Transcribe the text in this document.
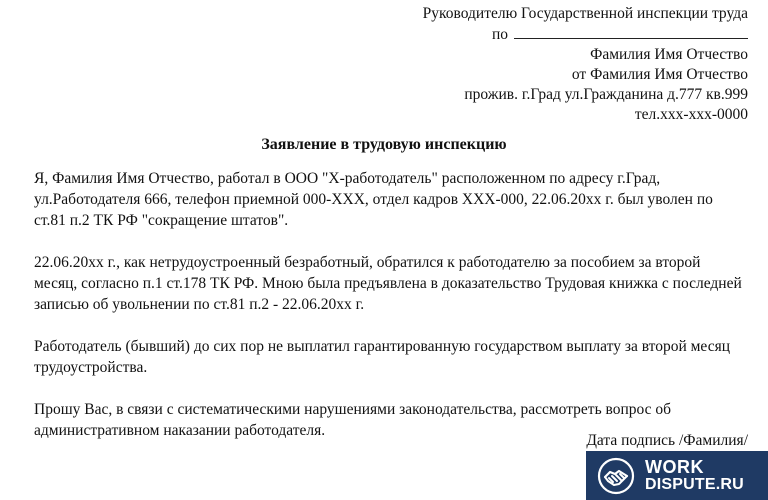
Руководителю Государственной инспекции труда
по
Фамилия Имя Отчество
от Фамилия Имя Отчество
прожив. г.Град ул.Гражданина д.777 кв.999
тел.ххх-ххх-0000
Заявление в трудовую инспекцию

Я, Фамилия Имя Отчество, работал в ООО "Х-работодатель" расположенном по адресу г.Град, ул.Работодателя 666, телефон приемной 000-ХХХ, отдел кадров ХХХ-000, 22.06.20хх г. был уволен по ст.81 п.2 ТК РФ "сокращение штатов".

22.06.20хх г., как нетрудоустроенный безработный, обратился к работодателю за пособием за второй месяц, согласно п.1 ст.178 ТК РФ. Мною была предъявлена в доказательство Трудовая книжка с последней записью об увольнении по ст.81 п.2 - 22.06.20хх г.

Работодатель (бывший) до сих пор не выплатил гарантированную государством выплату за второй месяц трудоустройства.

Прошу Вас, в связи с систематическими нарушениями законодательства, рассмотреть вопрос об административном наказании работодателя.

Дата подпись /Фамилия/
WORK
DISPUTE.RU
